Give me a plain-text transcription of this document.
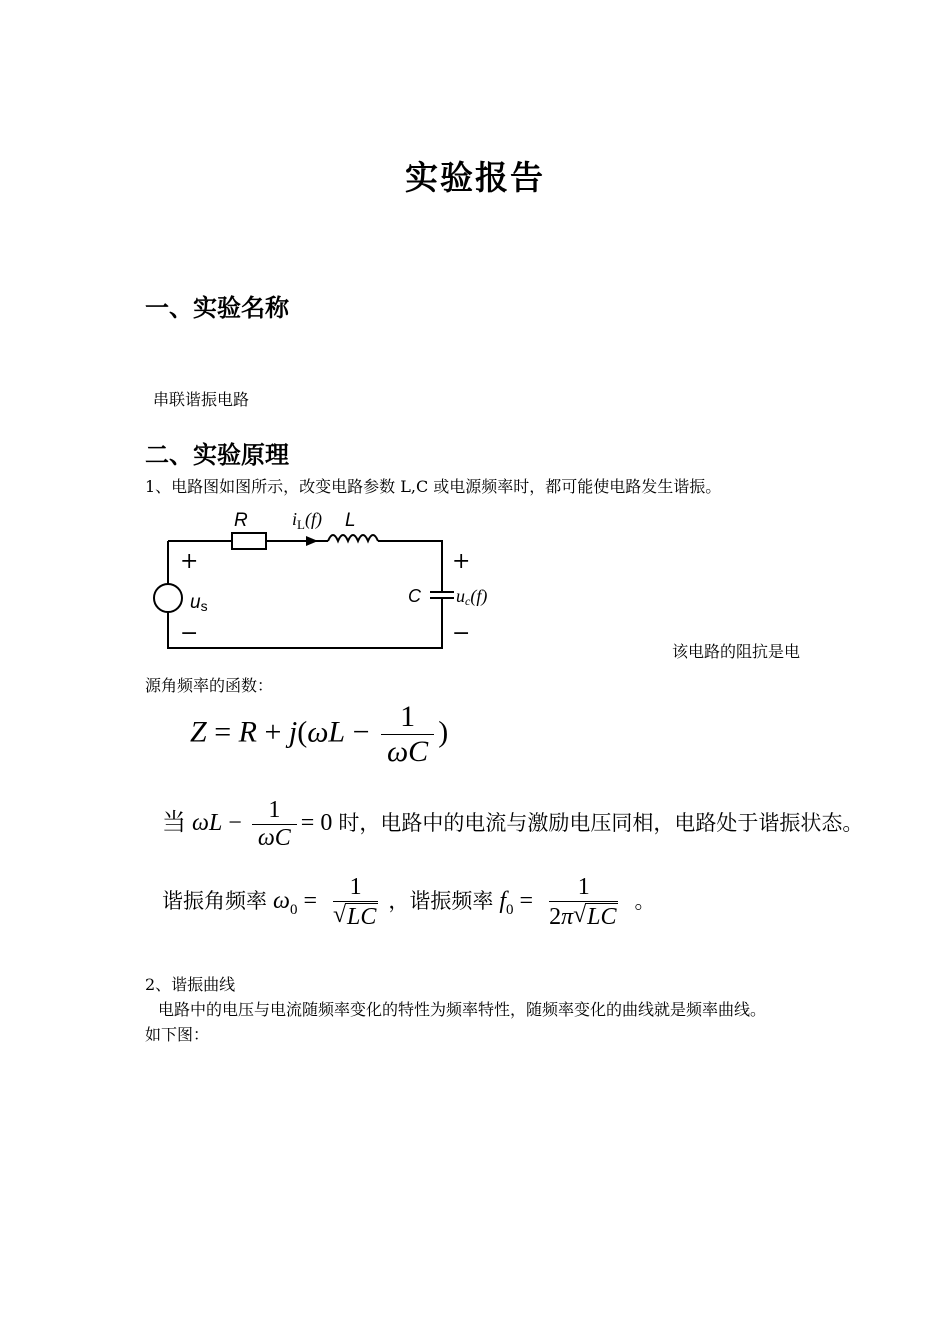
实验报告
一、实验名称
串联谐振电路
二、实验原理
1、电路图如图所示，改变电路参数 L,C 或电源频率时，都可能使电路发生谐振。
R $i_L(f)$ L
+
−
us
+
−
C uc(f)
该电路的阻抗是电
源角频率的函数：
$Z = R + j(\omega L - \frac{1}{\omega C}$ )
当 $\omega L - \frac{1}{\omega C} = 0$ 时，电路中的电流与激励电压同相，电路处于谐振状态。
谐振角频率 $\omega_0$ =
1
√ LC
，谐振频率 $f_0$ =
1
2π √ LC
。
2、谐振曲线
电路中的电压与电流随频率变化的特性为频率特性，随频率变化的曲线就是频率曲线。
如下图：
